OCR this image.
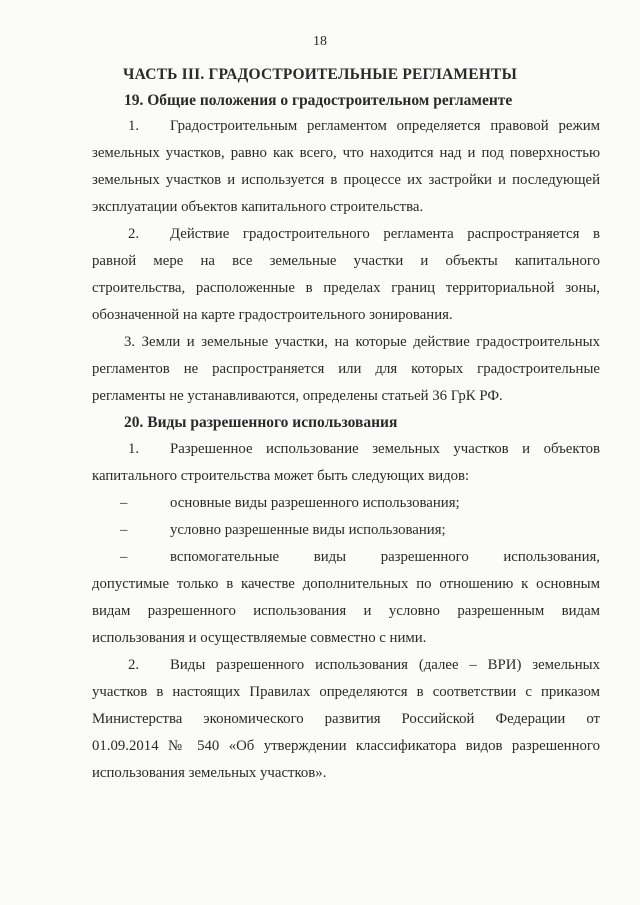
18
ЧАСТЬ III. ГРАДОСТРОИТЕЛЬНЫЕ РЕГЛАМЕНТЫ
19. Общие положения о градостроительном регламенте
1. Градостроительным регламентом определяется правовой режим
земельных участков, равно как всего, что находится над и под поверхностью
земельных участков и используется в процессе их застройки и последующей
эксплуатации объектов капитального строительства.
2. Действие градостроительного регламента распространяется в
равной мере на все земельные участки и объекты капитального
строительства, расположенные в пределах границ территориальной зоны,
обозначенной на карте градостроительного зонирования.
3. Земли и земельные участки, на которые действие градостроительных
регламентов не распространяется или для которых градостроительные
регламенты не устанавливаются, определены статьей 36 ГрК РФ.
20. Виды разрешенного использования
1. Разрешенное использование земельных участков и объектов
капитального строительства может быть следующих видов:
–	основные виды разрешенного использования;
–	условно разрешенные виды использования;
–	вспомогательные виды разрешенного использования,
допустимые только в качестве дополнительных по отношению к основным
видам разрешенного использования и условно разрешенным видам
использования и осуществляемые совместно с ними.
2. Виды разрешенного использования (далее – ВРИ) земельных
участков в настоящих Правилах определяются в соответствии с приказом
Министерства экономического развития Российской Федерации от
01.09.2014 № 540 «Об утверждении классификатора видов разрешенного
использования земельных участков».
